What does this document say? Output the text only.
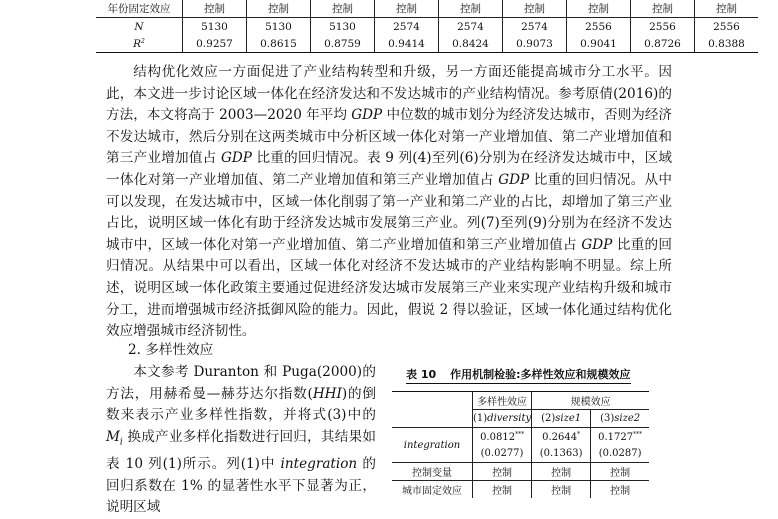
年份固定效应	控制	控制	控制	控制	控制	控制	控制	控制	控制
N	5130	5130	5130	2574	2574	2574	2556	2556	2556
$R^2$	0.9257	0.8615	0.8759	0.9414	0.8424	0.9073	0.9041	0.8726	0.8388

结构优化效应一方面促进了产业结构转型和升级，另一方面还能提高城市分工水平。因此，本文进一步讨论区域一体化在经济发达和不发达城市的产业结构情况。参考原倩(2016)的方法，本文将高于 2003—2020 年平均 GDP 中位数的城市划分为经济发达城市，否则为经济不发达城市，然后分别在这两类城市中分析区域一体化对第一产业增加值、第二产业增加值和第三产业增加值占 GDP 比重的回归情况。表 9 列(4)至列(6)分别为在经济发达城市中，区域一体化对第一产业增加值、第二产业增加值和第三产业增加值占 GDP 比重的回归情况。从中可以发现，在发达城市中，区域一体化削弱了第一产业和第二产业的占比，却增加了第三产业占比，说明区域一体化有助于经济发达城市发展第三产业。列(7)至列(9)分别为在经济不发达城市中，区域一体化对第一产业增加值、第二产业增加值和第三产业增加值占 GDP 比重的回归情况。从结果中可以看出，区域一体化对经济不发达城市的产业结构影响不明显。综上所述，说明区域一体化政策主要通过促进经济发达城市发展第三产业来实现产业结构升级和城市分工，进而增强城市经济抵御风险的能力。因此，假说 2 得以验证，区域一体化通过结构优化效应增强城市经济韧性。

2. 多样性效应

本文参考 Duranton 和 Puga(2000)的方法，用赫希曼—赫芬达尔指数(HHI)的倒数来表示产业多样性指数，并将式(3)中的 $M_i$ 换成产业多样化指数进行回归，其结果如表 10 列(1)所示。列(1)中 integration 的回归系数在 1% 的显著性水平下显著为正，说明区域

表 10 作用机制检验:多样性效应和规模效应
	多样性效应	规模效应	
	(1)diversity	(2)size1	(3)size2
integration	0.0812***	0.2644*	0.1727***
	(0.0277)	(0.1363)	(0.0287)
控制变量	控制	控制	控制
城市固定效应	控制	控制	控制
